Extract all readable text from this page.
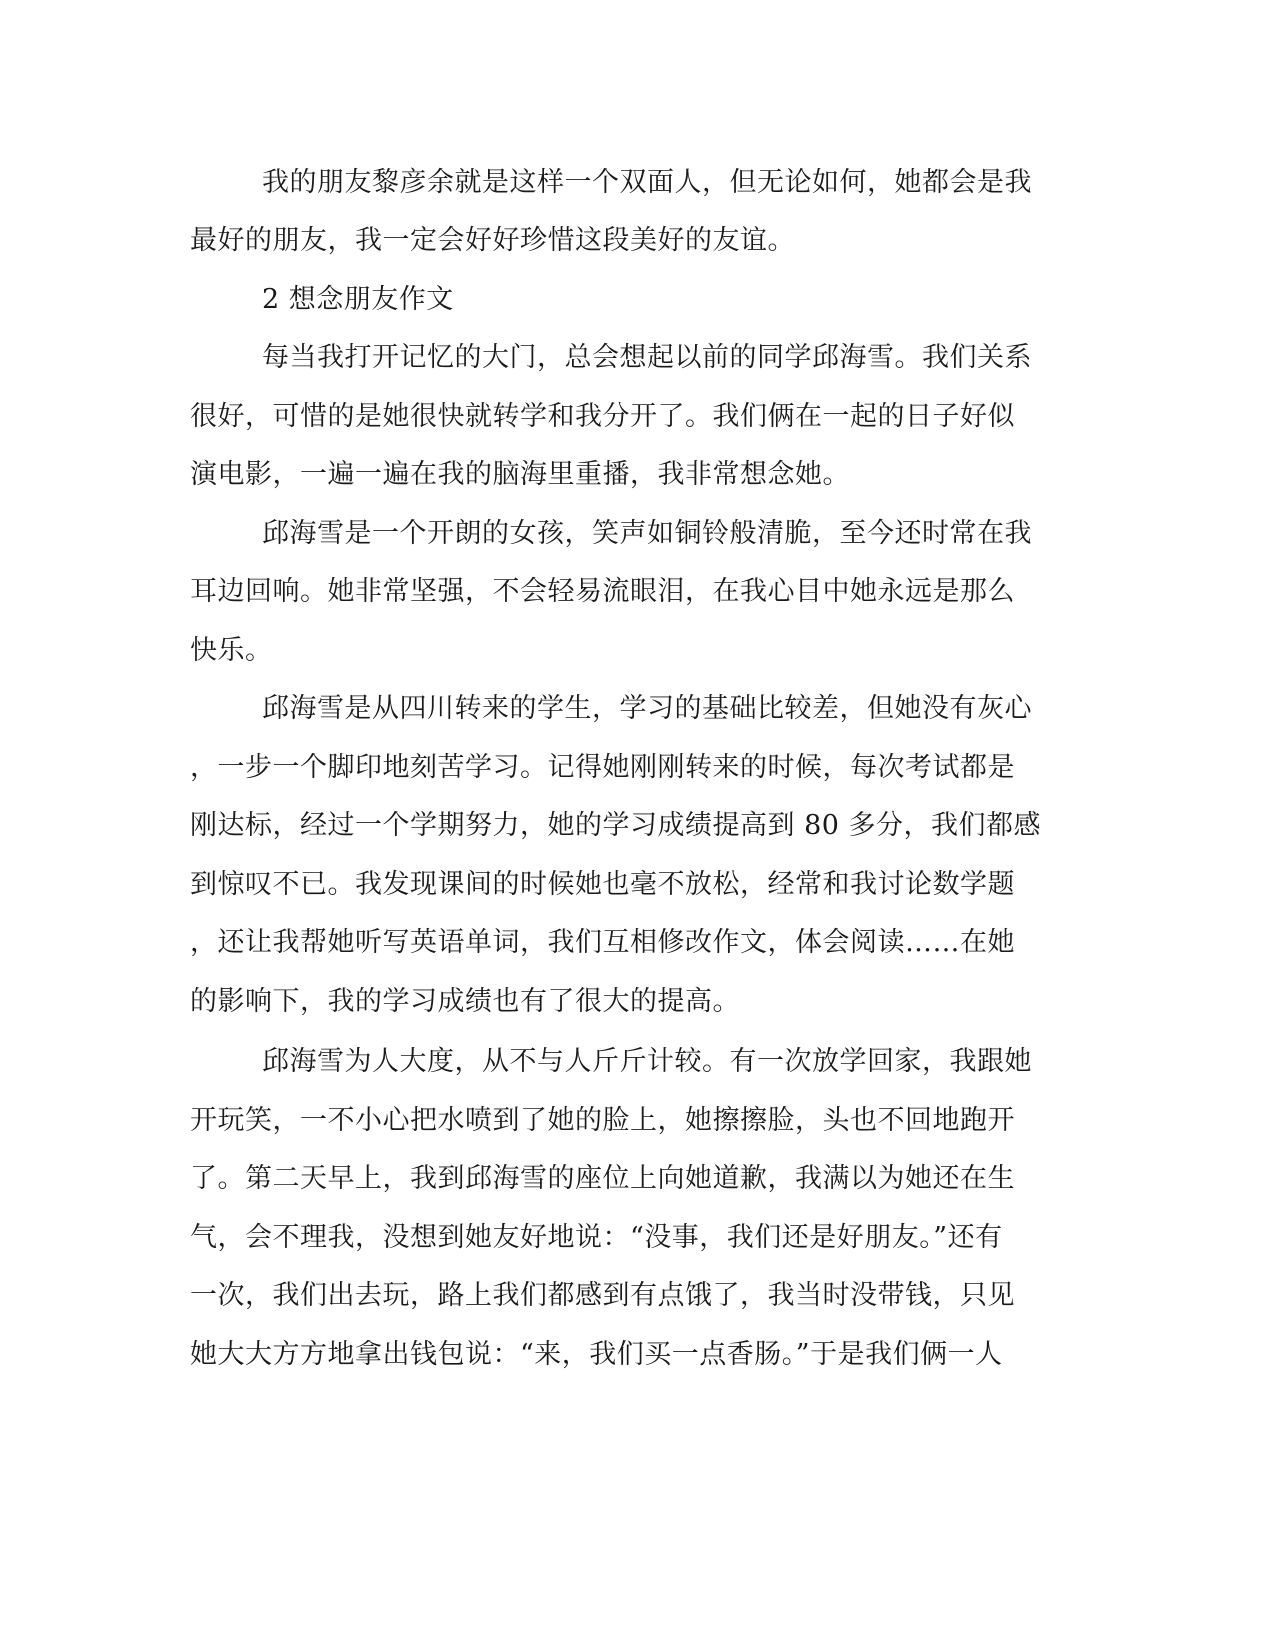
我的朋友黎彦余就是这样一个双面人，但无论如何，她都会是我
最好的朋友，我一定会好好珍惜这段美好的友谊。
2 想念朋友作文
每当我打开记忆的大门，总会想起以前的同学邱海雪。我们关系
很好，可惜的是她很快就转学和我分开了。我们俩在一起的日子好似
演电影，一遍一遍在我的脑海里重播，我非常想念她。
邱海雪是一个开朗的女孩，笑声如铜铃般清脆，至今还时常在我
耳边回响。她非常坚强，不会轻易流眼泪，在我心目中她永远是那么
快乐。
邱海雪是从四川转来的学生，学习的基础比较差，但她没有灰心
，一步一个脚印地刻苦学习。记得她刚刚转来的时候，每次考试都是
刚达标，经过一个学期努力，她的学习成绩提高到 80 多分，我们都感
到惊叹不已。我发现课间的时候她也毫不放松，经常和我讨论数学题
，还让我帮她听写英语单词，我们互相修改作文，体会阅读……在她
的影响下，我的学习成绩也有了很大的提高。
邱海雪为人大度，从不与人斤斤计较。有一次放学回家，我跟她
开玩笑，一不小心把水喷到了她的脸上，她擦擦脸，头也不回地跑开
了。第二天早上，我到邱海雪的座位上向她道歉，我满以为她还在生
气，会不理我，没想到她友好地说：“没事，我们还是好朋友。”还有
一次，我们出去玩，路上我们都感到有点饿了，我当时没带钱，只见
她大大方方地拿出钱包说：“来，我们买一点香肠。”于是我们俩一人
